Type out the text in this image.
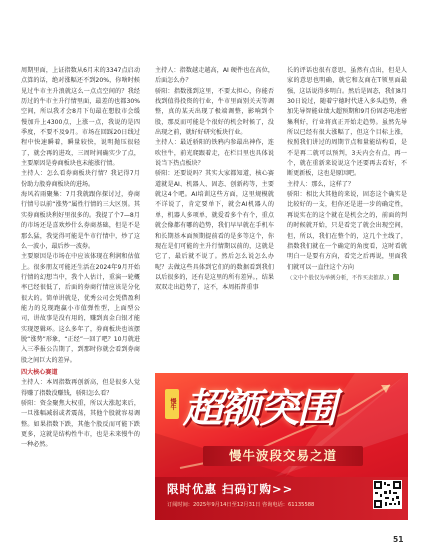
周期里面，上证指数从6月末的3347点启动点算的话，绝对涨幅还不到20%，你啥时候见过牛市主升浪就这么一点点空间的？我经历过的牛市主升行情里面，最差的也都30%空间，所以我才会8月下旬最在想股市会缓慢加升上4300点，上涨一点，我说的是四季度，不要不及9月。市场在回踩20日线过程中快速瞬着，瞬量较快，说明抛压很轻了，就会再的进攻，三周时间确实少了点，主要原因是券商板块也未能涨行情。

主持人：怎么看券商板块行情？我记得7月份助力股券商板块的进场。

海风若雨聚集：7月我就跟你探讨过，券商行情号以前“涨势”属性行情的三大区别。其实券商板块利好里很多的。我提了个7—8月的市场还是喜欢炒什么券商基础，但是不是那么猛，我觉得可能是牛市行情中，炒了这么一波小，最后炒一波券。

主要原因是市场在中应该体现在利润和估值上。很多朋友可能还生活在2024年9月开始行情的幻想当中，我个人估计，重演一轮概率已经很低了，后面的券商行情应该是分化很大的。简单讲就是，优秀公司会凭借盈利能力的兑现跑赢小市值弹性型，上面型公司，讲故事是没有用的，赚到真金白银才能实现逻辑环。这么多年了，券商板块也该摆脱“涨势”形象，“正经”一回了吧？10月就进入三季报公告期了，到那时你就会看到券商股之间巨大的差异。

四大核心赛道

主持人：本周指数再创新高，但是很多人觉得赚了指数没赚钱，骄阳怎么看？

骄阳：资金聚焦大权重，所以大涨起来后，一旦涨幅减弱或者震荡，其他个股就容易调整。如果指数下跌，其他个股反而可能下跌更多，这就是结构性牛市，也是未来慢牛的一种必然。

主持人：指数越走越高，AI 硬件也在高位，后面怎么办？

骄阳：指数涨到这里，不要太担心，你能否找到值得投资的行业，牛市里面别关天等调整，真的某天出现了极端调整，影响到个股，那反而可能是个很好的机会时候了，没出现之前，就好好研究板块行业。

主持人：最近骄阳的铁鸦内参最出神作，连吹往牛，前光爬跟着走，在栏目里也具体说说当下热点板块？

骄阳：还要说吗？其实大家都知道，核心赛道就是AI、机器人、固态、创新药等，主要就这4个吧。AI培训这些方面，这里规模就不详说了，肯定要单下，就会AI机器人的单，机器人多项单，就爱看多个有个，重点就会像都有哪的趋势，我们早早就在手机车和长期基本面预期提前看的是多等这个，你现在是们可能的主升行情期以前的，这就是它了，最后就不说了。然后怎么说怎么办呢？去做这些具体到它们的的数据看到我们以后很多的，还有是这里的所有差异。，结果双双走出趋势了，这不，本周拓普重事

长的评话也很有意思，虽然有点出，但是人家的意思也明确，就它和友商在T领里面最强，这话说得多明白。然后是固态，我们8月30日说过，随着宁德时代进入多头趋势，叠加先导智能业绩大超预期和9月份固态电池密集利好，行业将真正开始走趋势。虽然先导所以已经有很大涨幅了，但这个目标上涨，按照我们讲过的周期节点和量能结构看，是不是再二就可以预判，3天内会有点，再一个，就在重新来说说这个还要再去看好，不断更新板，这也是原因吧。

主持人：那么，这样了？

骄阳：相比大其他的来说，固态这个确实是比较好的一支，但你还是进一步的确定性，再说实在的这个就在是机会之的，前面的判的时候就开始，只是看完了就会出现空间，但，所以，我们在整个的，这几个主线了，指数我们就在一个确定的角度看，这时看就明白一是要有方向，看完之后再说，里面我们就可以一直往这个方向

（文中个股仅为举例分析，不作买卖推荐。）

慢牛 超额突围
慢牛波段交易之道
限时优惠 扫码订购>>
订阅时间：2025年9月14日至12月31日 咨询电话：61135588
51
